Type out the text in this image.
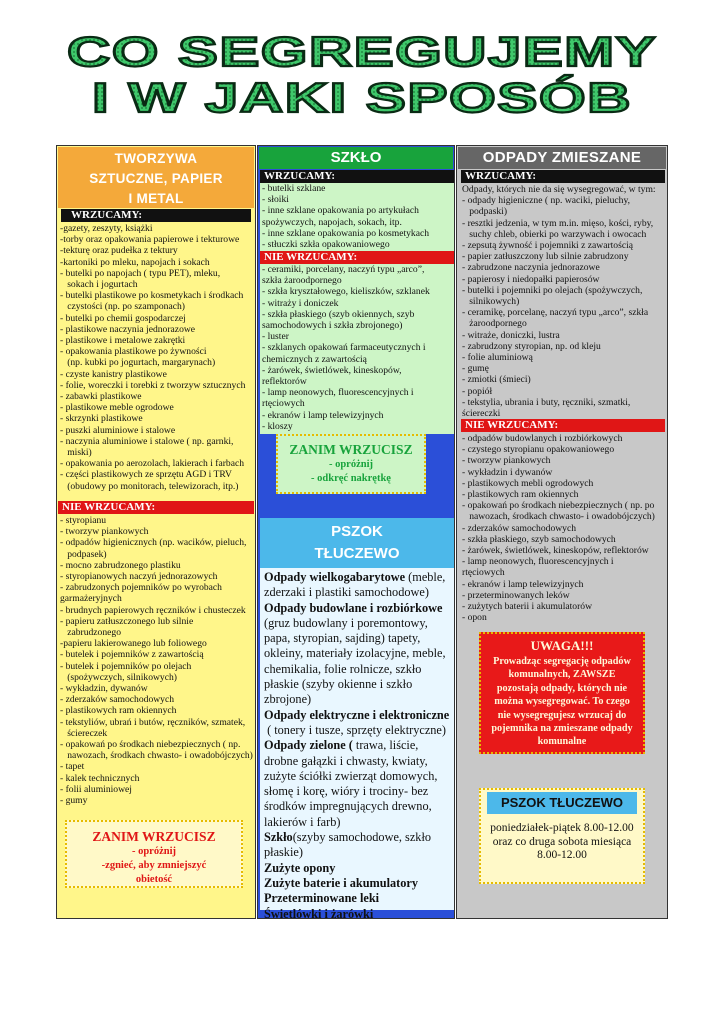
CO SEGREGUJEMY
I W JAKI SPOSÓB
TWORZYWA
SZTUCZNE, PAPIER
I METAL
WRZUCAMY:
-gazety, zeszyty, książki
-torby oraz opakowania papierowe i tekturowe
-tekturę oraz pudełka z tektury
-kartoniki po mleku, napojach i sokach
- butelki po napojach ( typu PET), mleku,
sokach i jogurtach
- butelki plastikowe po kosmetykach i środkach
czystości (np. po szamponach)
- butelki po chemii gospodarczej
- plastikowe naczynia jednorazowe
- plastikowe i metalowe zakrętki
- opakowania plastikowe po żywności
(np. kubki po jogurtach, margarynach)
- czyste kanistry plastikowe
- folie, woreczki i torebki z tworzyw sztucznych
- zabawki plastikowe
- plastikowe meble ogrodowe
- skrzynki plastikowe
- puszki aluminiowe i stalowe
- naczynia aluminiowe i stalowe ( np. garnki,
miski)
- opakowania po aerozolach, lakierach i farbach
- części plastikowych ze sprzętu AGD i TRV
(obudowy po monitorach, telewizorach, itp.)
NIE WRZUCAMY:
- styropianu
- tworzyw piankowych
- odpadów higienicznych (np. wacików, pieluch,
podpasek)
- mocno zabrudzonego plastiku
- styropianowych naczyń jednorazowych
- zabrudzonych pojemników po wyrobach
garmażeryjnych
- brudnych papierowych ręczników i chusteczek
- papieru zatłuszczonego lub silnie
zabrudzonego
-papieru lakierowanego lub foliowego
- butelek i pojemników z zawartością
- butelek i pojemników po olejach
(spożywczych, silnikowych)
- wykładzin, dywanów
- zderzaków samochodowych
- plastikowych ram okiennych
- tekstyliów, ubrań i butów, ręczników, szmatek,
ściereczek
- opakowań po środkach niebezpiecznych ( np.
nawozach, środkach chwasto- i owadobójczych)
- tapet
- kalek technicznych
- folii aluminiowej
- gumy
ZANIM WRZUCISZ
- opróżnij
-zgnieć, aby zmniejszyć
obietość
SZKŁO
WRZUCAMY:
- butelki szklane
- słoiki
- inne szklane opakowania po artykułach
spożywczych, napojach, sokach, itp.
- inne szklane opakowania po kosmetykach
- stłuczki szkła opakowaniowego
NIE WRZUCAMY:
- ceramiki, porcelany, naczyń typu „arco”,
szkła żaroodpornego
- szkła kryształowego, kieliszków, szklanek
- witraży i doniczek
- szkła płaskiego (szyb okiennych, szyb
samochodowych i szkła zbrojonego)
- luster
- szklanych opakowań farmaceutycznych i
chemicznych z zawartością
- żarówek, świetlówek, kineskopów,
reflektorów
- lamp neonowych, fluorescencyjnych i
rtęciowych
- ekranów i lamp telewizyjnych
- kloszy
ZANIM WRZUCISZ
- opróżnij
- odkręć nakrętkę
PSZOK
TŁUCZEWO
Odpady wielkogabarytowe (meble,
zderzaki i plastiki samochodowe)
Odpady budowlane i rozbiórkowe
(gruz budowlany i poremontowy,
papa, styropian, sajding) tapety,
okleiny, materiały izolacyjne, meble,
chemikalia, folie rolnicze, szkło
płaskie (szyby okienne i szkło
zbrojone)
Odpady elektryczne i elektroniczne
( tonery i tusze, sprzęty elektryczne)
Odpady zielone ( trawa, liście,
drobne gałązki i chwasty, kwiaty,
zużyte ściółki zwierząt domowych,
słomę i korę, wióry i trociny- bez
środków impregnujących drewno,
lakierów i farb)
Szkło(szyby samochodowe, szkło
płaskie)
Zużyte opony
Zużyte baterie i akumulatory
Przeterminowane leki
Świetlówki i żarówki
ODPADY ZMIESZANE
WRZUCAMY:
Odpady, których nie da się wysegregować, w tym:
- odpady higieniczne ( np. waciki, pieluchy,
podpaski)
- resztki jedzenia, w tym m.in. mięso, kości, ryby,
suchy chleb, obierki po warzywach i owocach
- zepsutą żywność i pojemniki z zawartością
- papier zatłuszczony lub silnie zabrudzony
- zabrudzone naczynia jednorazowe
- papierosy i niedopałki papierosów
- butelki i pojemniki po olejach (spożywczych,
silnikowych)
- ceramikę, porcelanę, naczyń typu „arco”, szkła
żaroodpornego
- witraże, doniczki, lustra
- zabrudzony styropian, np. od kleju
- folie aluminiową
- gumę
- zmiotki (śmieci)
- popiół
- tekstylia, ubrania i buty, ręczniki, szmatki,
ściereczki
NIE WRZUCAMY:
- odpadów budowlanych i rozbiórkowych
- czystego styropianu opakowaniowego
- tworzyw piankowych
- wykładzin i dywanów
- plastikowych mebli ogrodowych
- plastikowych ram okiennych
- opakowań po środkach niebezpiecznych ( np. po
nawozach, środkach chwasto- i owadobójczych)
- zderzaków samochodowych
- szkła płaskiego, szyb samochodowych
- żarówek, świetlówek, kineskopów, reflektorów
- lamp neonowych, fluorescencyjnych i
rtęciowych
- ekranów i lamp telewizyjnych
- przeterminowanych leków
- zużytych baterii i akumulatorów
- opon
UWAGA!!!
Prowadząc segregację odpadów
komunalnych, ZAWSZE
pozostają odpady, których nie
można wysegregować. To czego
nie wysegregujesz wrzucaj do
pojemnika na zmieszane odpady
komunalne
PSZOK TŁUCZEWO
poniedziałek-piątek 8.00-12.00
oraz co druga sobota miesiąca
8.00-12.00
